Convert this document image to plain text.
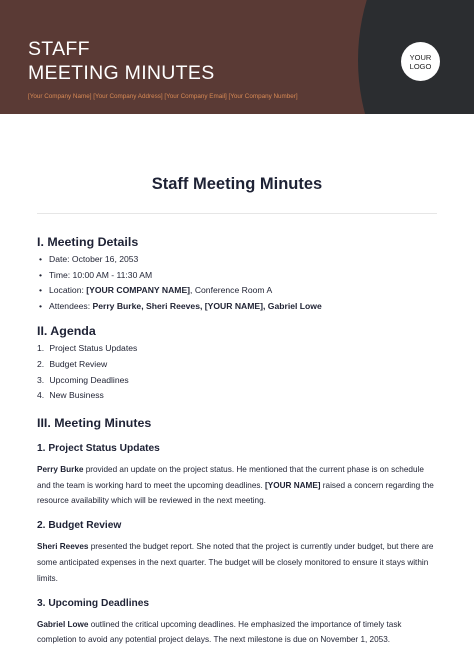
STAFF
MEETING MINUTES
[Your Company Name] [Your Company Address] [Your Company Email] [Your Company Number]
YOUR
LOGO
Staff Meeting Minutes
I. Meeting Details
• Date: October 16, 2053
• Time: 10:00 AM - 11:30 AM
• Location: [YOUR COMPANY NAME], Conference Room A
• Attendees: Perry Burke, Sheri Reeves, [YOUR NAME], Gabriel Lowe
II. Agenda
1. Project Status Updates
2. Budget Review
3. Upcoming Deadlines
4. New Business
III. Meeting Minutes
1. Project Status Updates

Perry Burke provided an update on the project status. He mentioned that the current phase is on schedule and the team is working hard to meet the upcoming deadlines. [YOUR NAME] raised a concern regarding the resource availability which will be reviewed in the next meeting.

2. Budget Review

Sheri Reeves presented the budget report. She noted that the project is currently under budget, but there are some anticipated expenses in the next quarter. The budget will be closely monitored to ensure it stays within limits.

3. Upcoming Deadlines

Gabriel Lowe outlined the critical upcoming deadlines. He emphasized the importance of timely task completion to avoid any potential project delays. The next milestone is due on November 1, 2053.
